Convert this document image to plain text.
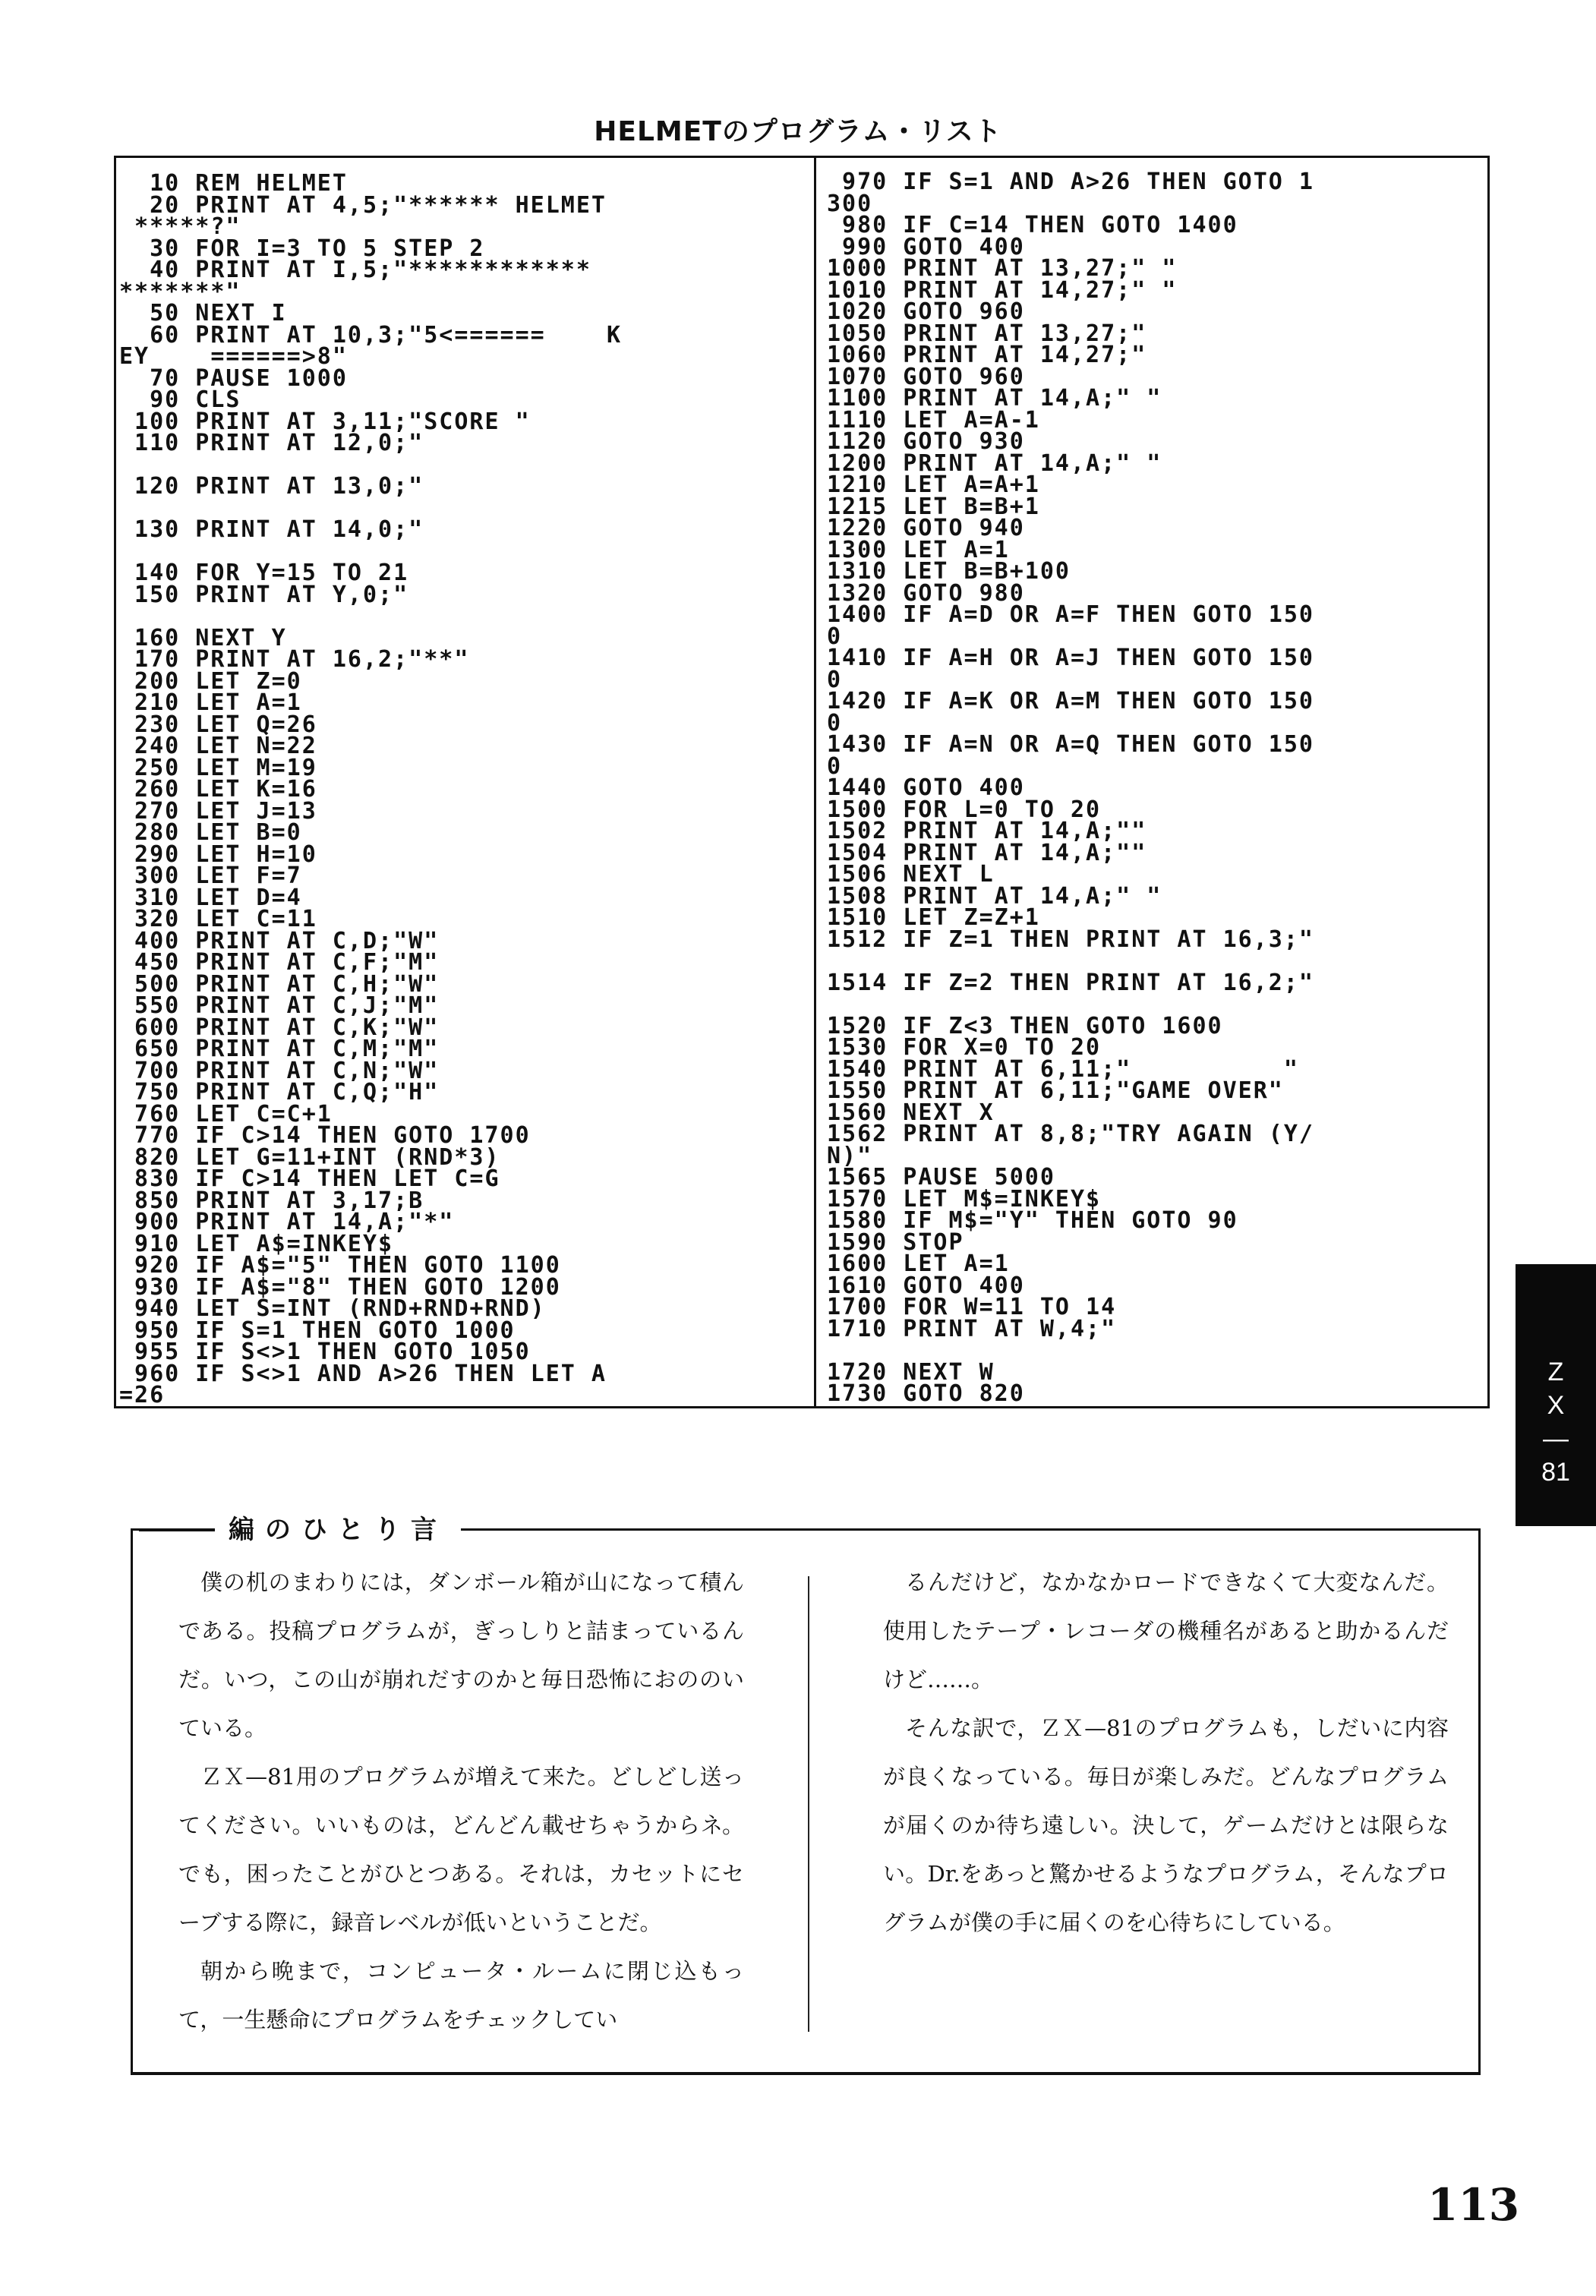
HELMETのプログラム・リスト
10 REM HELMET
20 PRINT AT 4,5;"****** HELMET
*****?"
30 FOR I=3 TO 5 STEP 2
40 PRINT AT I,5;"************
*******"
50 NEXT I
60 PRINT AT 10,3;"5<======    K
EY    ======>8"
70 PAUSE 1000
90 CLS
100 PRINT AT 3,11;"SCORE "
110 PRINT AT 12,0;"

120 PRINT AT 13,0;"

130 PRINT AT 14,0;"

140 FOR Y=15 TO 21
150 PRINT AT Y,0;"

160 NEXT Y
170 PRINT AT 16,2;"**"
200 LET Z=0
210 LET A=1
230 LET Q=26
240 LET N=22
250 LET M=19
260 LET K=16
270 LET J=13
280 LET B=0
290 LET H=10
300 LET F=7
310 LET D=4
320 LET C=11
400 PRINT AT C,D;"W"
450 PRINT AT C,F;"M"
500 PRINT AT C,H;"W"
550 PRINT AT C,J;"M"
600 PRINT AT C,K;"W"
650 PRINT AT C,M;"M"
700 PRINT AT C,N;"W"
750 PRINT AT C,Q;"H"
760 LET C=C+1
770 IF C>14 THEN GOTO 1700
820 LET G=11+INT (RND*3)
830 IF C>14 THEN LET C=G
850 PRINT AT 3,17;B
900 PRINT AT 14,A;"*"
910 LET A$=INKEY$
920 IF A$="5" THEN GOTO 1100
930 IF A$="8" THEN GOTO 1200
940 LET S=INT (RND+RND+RND)
950 IF S=1 THEN GOTO 1000
955 IF S<>1 THEN GOTO 1050
960 IF S<>1 AND A>26 THEN LET A
=26
970 IF S=1 AND A>26 THEN GOTO 1
300
980 IF C=14 THEN GOTO 1400
990 GOTO 400
1000 PRINT AT 13,27;" "
1010 PRINT AT 14,27;" "
1020 GOTO 960
1050 PRINT AT 13,27;"
1060 PRINT AT 14,27;"
1070 GOTO 960
1100 PRINT AT 14,A;" "
1110 LET A=A-1
1120 GOTO 930
1200 PRINT AT 14,A;" "
1210 LET A=A+1
1215 LET B=B+1
1220 GOTO 940
1300 LET A=1
1310 LET B=B+100
1320 GOTO 980
1400 IF A=D OR A=F THEN GOTO 150
0
1410 IF A=H OR A=J THEN GOTO 150
0
1420 IF A=K OR A=M THEN GOTO 150
0
1430 IF A=N OR A=Q THEN GOTO 150
0
1440 GOTO 400
1500 FOR L=0 TO 20
1502 PRINT AT 14,A;""
1504 PRINT AT 14,A;""
1506 NEXT L
1508 PRINT AT 14,A;" "
1510 LET Z=Z+1
1512 IF Z=1 THEN PRINT AT 16,3;"

1514 IF Z=2 THEN PRINT AT 16,2;"

1520 IF Z<3 THEN GOTO 1600
1530 FOR X=0 TO 20
1540 PRINT AT 6,11;"          "
1550 PRINT AT 6,11;"GAME OVER"
1560 NEXT X
1562 PRINT AT 8,8;"TRY AGAIN (Y/
N)"
1565 PAUSE 5000
1570 LET M$=INKEY$
1580 IF M$="Y" THEN GOTO 90
1590 STOP
1600 LET A=1
1610 GOTO 400
1700 FOR W=11 TO 14
1710 PRINT AT W,4;"

1720 NEXT W
1730 GOTO 820
Z
X
—
81
編のひとり言

僕の机のまわりには，ダンボール箱が山になって積んである。投稿プログラムが，ぎっしりと詰まっているんだ。いつ，この山が崩れだすのかと毎日恐怖におののいている。

ＺＸ—81用のプログラムが増えて来た。どしどし送ってください。いいものは，どんどん載せちゃうからネ。でも，困ったことがひとつある。それは，カセットにセーブする際に，録音レベルが低いということだ。

朝から晩まで，コンピュータ・ルームに閉じ込もって，一生懸命にプログラムをチェックしてい

るんだけど，なかなかロードできなくて大変なんだ。使用したテープ・レコーダの機種名があると助かるんだけど……。

そんな訳で，ＺＸ—81のプログラムも，しだいに内容が良くなっている。毎日が楽しみだ。どんなプログラムが届くのか待ち遠しい。決して，ゲームだけとは限らない。Dr.をあっと驚かせるようなプログラム，そんなプログラムが僕の手に届くのを心待ちにしている。

113
